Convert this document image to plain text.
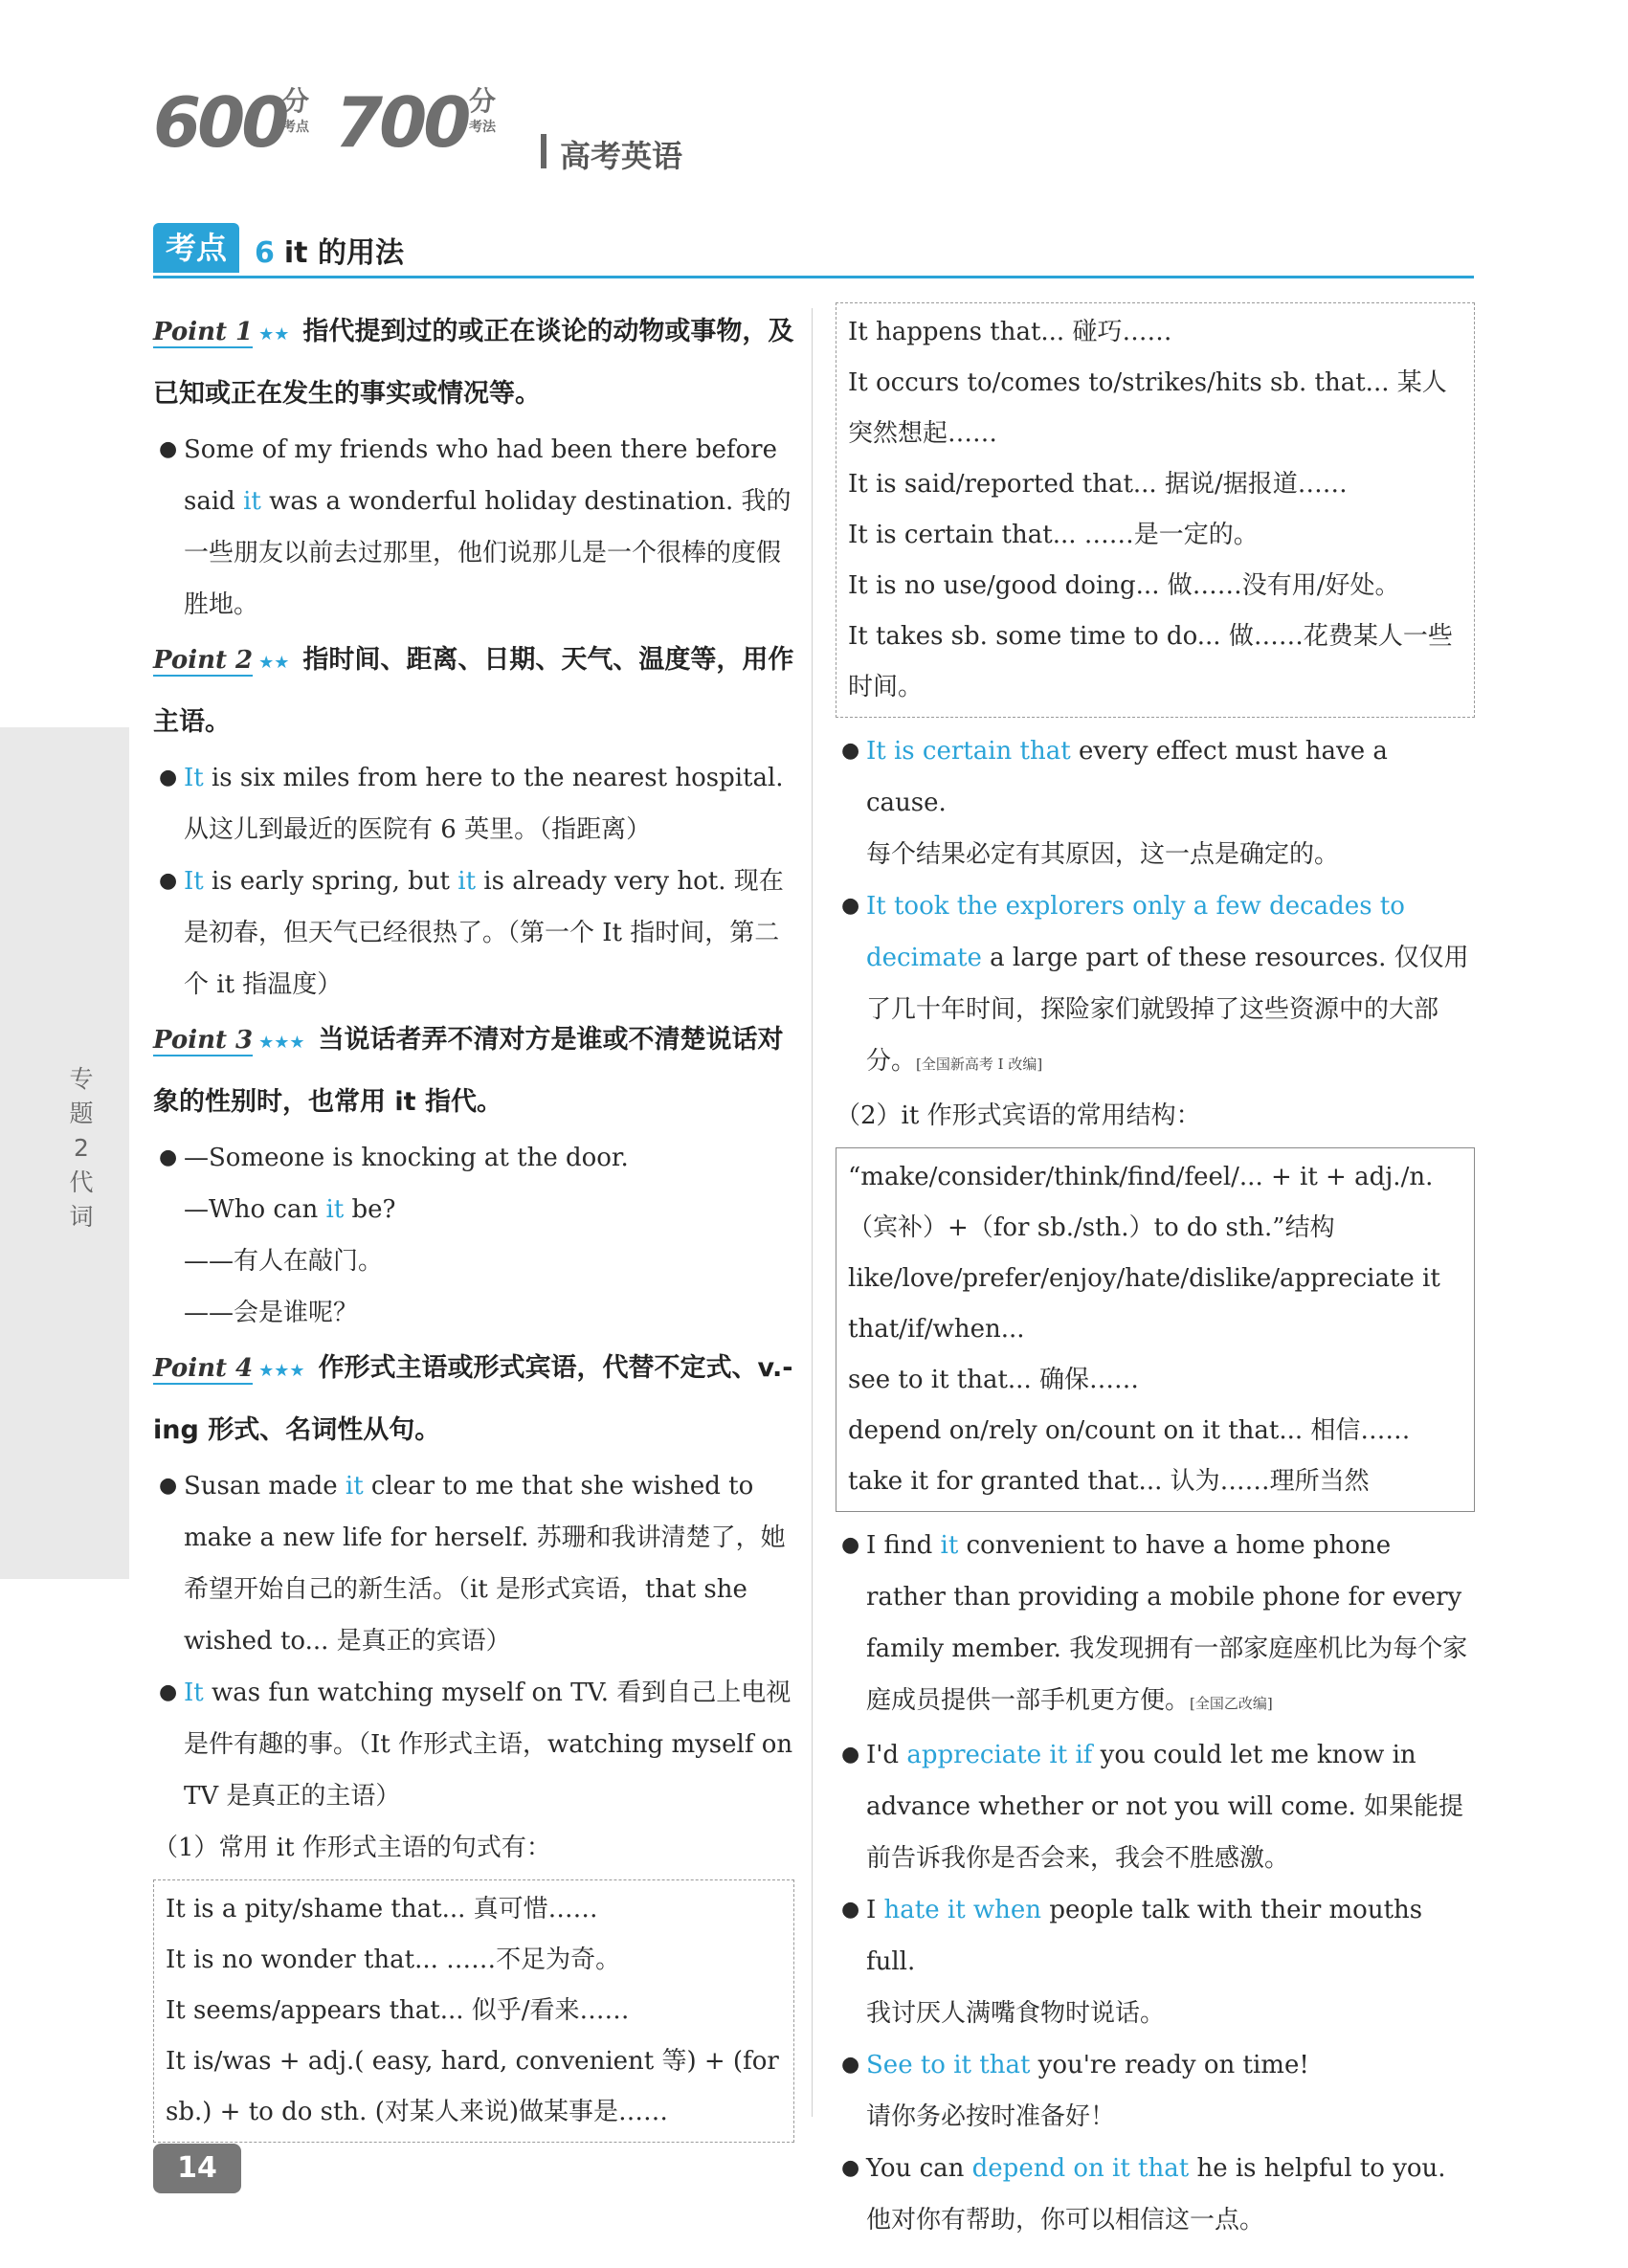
600
分
考点 700 分
考法
高考英语
考点 6 it 的用法
专题2 代词
Point 1 ★★ 指代提到过的或正在谈论的动物或事物，及已知或正在发生的事实或情况等。
● Some of my friends who had been there before said it was a wonderful holiday destination. 我的一些朋友以前去过那里，他们说那儿是一个很棒的度假胜地。
Point 2 ★★ 指时间、距离、日期、天气、温度等，用作主语。
● It is six miles from here to the nearest hospital.
从这儿到最近的医院有 6 英里。（指距离）
● It is early spring, but it is already very hot. 现在是初春，但天气已经很热了。（第一个 It 指时间，第二个 it 指温度）
Point 3 ★★★ 当说话者弄不清对方是谁或不清楚说话对象的性别时，也常用 it 指代。
● —Someone is knocking at the door.
—Who can it be?
——有人在敲门。
——会是谁呢？
Point 4 ★★★ 作形式主语或形式宾语，代替不定式、v.-ing 形式、名词性从句。
● Susan made it clear to me that she wished to make a new life for herself. 苏珊和我讲清楚了，她希望开始自己的新生活。（it 是形式宾语，that she wished to... 是真正的宾语）
● It was fun watching myself on TV. 看到自己上电视是件有趣的事。（It 作形式主语，watching myself on TV 是真正的主语）
（1）常用 it 作形式主语的句式有：
It is a pity/shame that... 真可惜……
It is no wonder that... ……不足为奇。
It seems/appears that... 似乎/看来……
It is/was + adj.( easy, hard, convenient 等) + (for sb.) + to do sth. (对某人来说)做某事是……
It happens that... 碰巧……
It occurs to/comes to/strikes/hits sb. that... 某人突然想起……
It is said/reported that... 据说/据报道……
It is certain that... ……是一定的。
It is no use/good doing... 做……没有用/好处。
It takes sb. some time to do... 做……花费某人一些时间。
● It is certain that every effect must have a cause.
每个结果必定有其原因，这一点是确定的。
● It took the explorers only a few decades to decimate a large part of these resources. 仅仅用了几十年时间，探险家们就毁掉了这些资源中的大部分。[全国新高考 I 改编]
（2）it 作形式宾语的常用结构：
“make/consider/think/find/feel/... + it + adj./n.（宾补）+（for sb./sth.）to do sth.”结构
like/love/prefer/enjoy/hate/dislike/appreciate it that/if/when...
see to it that... 确保……
depend on/rely on/count on it that... 相信……
take it for granted that... 认为……理所当然
● I find it convenient to have a home phone rather than providing a mobile phone for every family member. 我发现拥有一部家庭座机比为每个家庭成员提供一部手机更方便。[全国乙改编]
● I'd appreciate it if you could let me know in advance whether or not you will come. 如果能提前告诉我你是否会来，我会不胜感激。
● I hate it when people talk with their mouths full.
我讨厌人满嘴食物时说话。
● See to it that you're ready on time!
请你务必按时准备好！
● You can depend on it that he is helpful to you.
他对你有帮助，你可以相信这一点。
14
